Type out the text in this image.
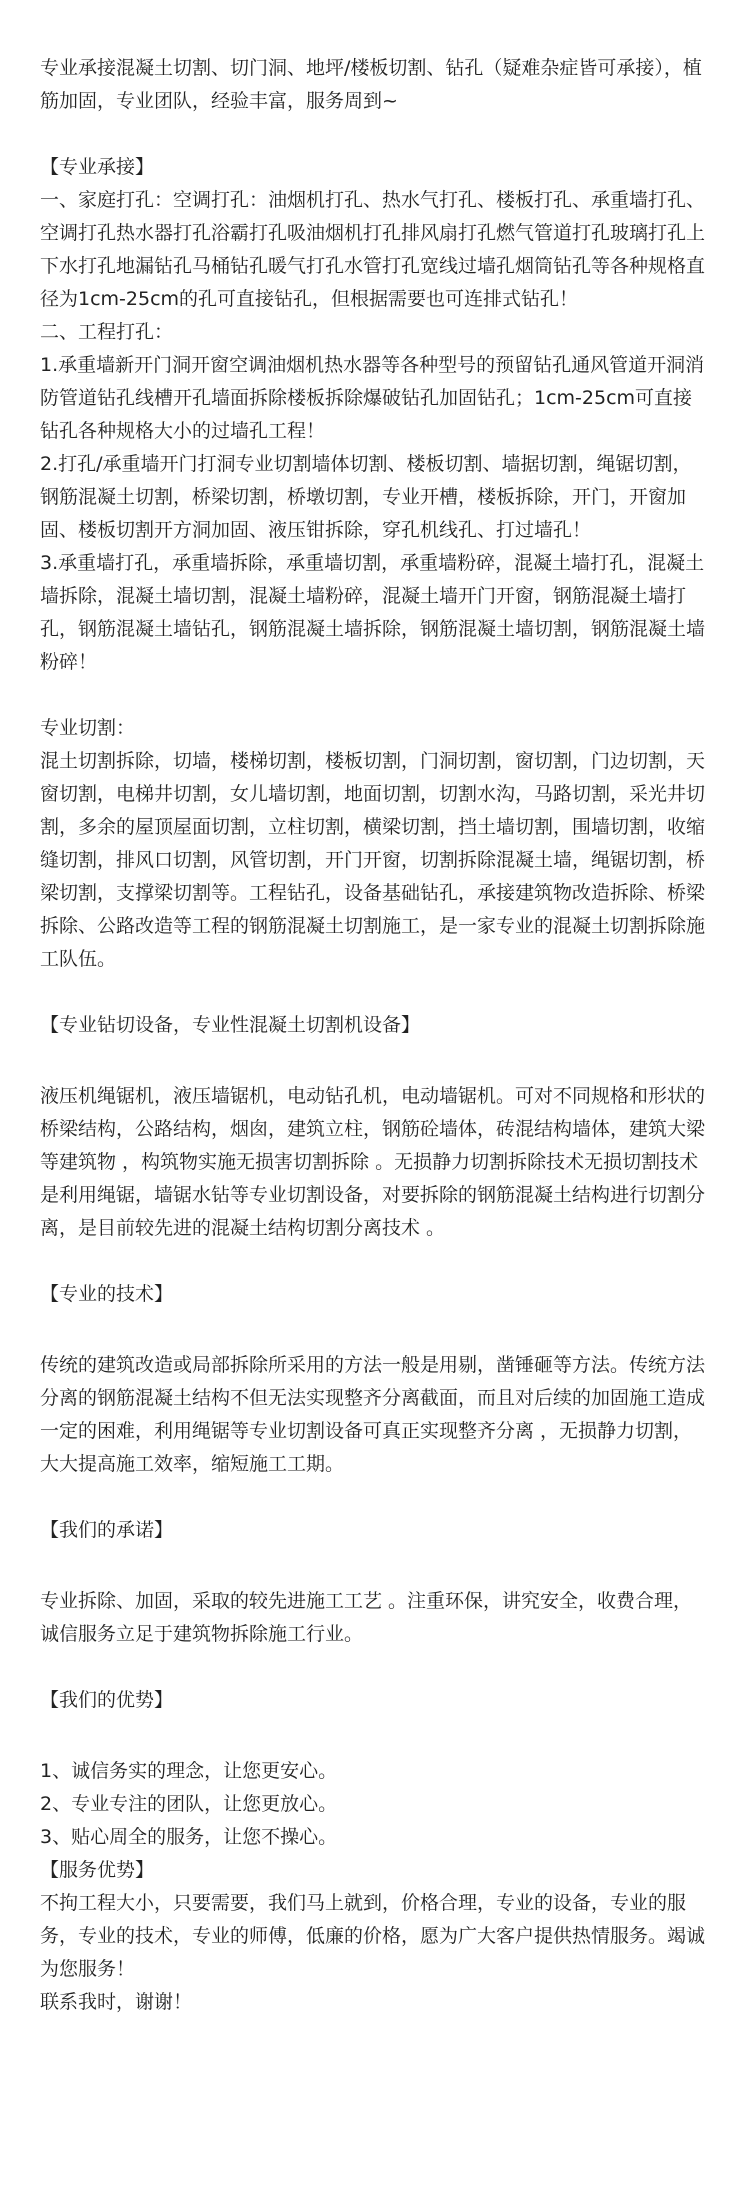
专业承接混凝土切割、切门洞、地坪/楼板切割、钻孔（疑难杂症皆可承接），植筋加固，专业团队，经验丰富，服务周到~

【专业承接】

一、家庭打孔：空调打孔：油烟机打孔、热水气打孔、楼板打孔、承重墙打孔、空调打孔热水器打孔浴霸打孔吸油烟机打孔排风扇打孔燃气管道打孔玻璃打孔上下水打孔地漏钻孔马桶钻孔暖气打孔水管打孔宽线过墙孔烟筒钻孔等各种规格直径为1cm-25cm的孔可直接钻孔，但根据需要也可连排式钻孔！

二、工程打孔：

1.承重墙新开门洞开窗空调油烟机热水器等各种型号的预留钻孔通风管道开洞消防管道钻孔线槽开孔墙面拆除楼板拆除爆破钻孔加固钻孔；1cm-25cm可直接钻孔各种规格大小的过墙孔工程！

2.打孔/承重墙开门打洞专业切割墙体切割、楼板切割、墙据切割，绳锯切割，钢筋混凝土切割，桥梁切割，桥墩切割，专业开槽，楼板拆除，开门，开窗加固、楼板切割开方洞加固、液压钳拆除，穿孔机线孔、打过墙孔！

3.承重墙打孔，承重墙拆除，承重墙切割，承重墙粉碎，混凝土墙打孔，混凝土墙拆除，混凝土墙切割，混凝土墙粉碎，混凝土墙开门开窗，钢筋混凝土墙打孔，钢筋混凝土墙钻孔，钢筋混凝土墙拆除，钢筋混凝土墙切割，钢筋混凝土墙粉碎！

专业切割：

混土切割拆除，切墙，楼梯切割，楼板切割，门洞切割，窗切割，门边切割，天窗切割，电梯井切割，女儿墙切割，地面切割，切割水沟，马路切割，采光井切割，多余的屋顶屋面切割，立柱切割，横梁切割，挡土墙切割，围墙切割，收缩缝切割，排风口切割，风管切割，开门开窗，切割拆除混凝土墙，绳锯切割，桥梁切割，支撑梁切割等。工程钻孔，设备基础钻孔，承接建筑物改造拆除、桥梁拆除、公路改造等工程的钢筋混凝土切割施工，是一家专业的混凝土切割拆除施工队伍。

【专业钻切设备，专业性混凝土切割机设备】

液压机绳锯机，液压墙锯机，电动钻孔机，电动墙锯机。可对不同规格和形状的桥梁结构，公路结构，烟囱，建筑立柱，钢筋砼墙体，砖混结构墙体，建筑大梁等建筑物 ，构筑物实施无损害切割拆除 。无损静力切割拆除技术无损切割技术是利用绳锯，墙锯水钻等专业切割设备，对要拆除的钢筋混凝土结构进行切割分离，是目前较先进的混凝土结构切割分离技术 。

【专业的技术】

传统的建筑改造或局部拆除所采用的方法一般是用剔，凿锤砸等方法。传统方法分离的钢筋混凝土结构不但无法实现整齐分离截面，而且对后续的加固施工造成一定的困难，利用绳锯等专业切割设备可真正实现整齐分离 ，无损静力切割，大大提高施工效率，缩短施工工期。

【我们的承诺】

专业拆除、加固，采取的较先进施工工艺 。注重环保，讲究安全，收费合理，诚信服务立足于建筑物拆除施工行业。

【我们的优势】

1、诚信务实的理念，让您更安心。

2、专业专注的团队，让您更放心。

3、贴心周全的服务，让您不操心。

【服务优势】

不拘工程大小，只要需要，我们马上就到，价格合理，专业的设备，专业的服务，专业的技术，专业的师傅，低廉的价格，愿为广大客户提供热情服务。竭诚为您服务！

联系我时，谢谢！
